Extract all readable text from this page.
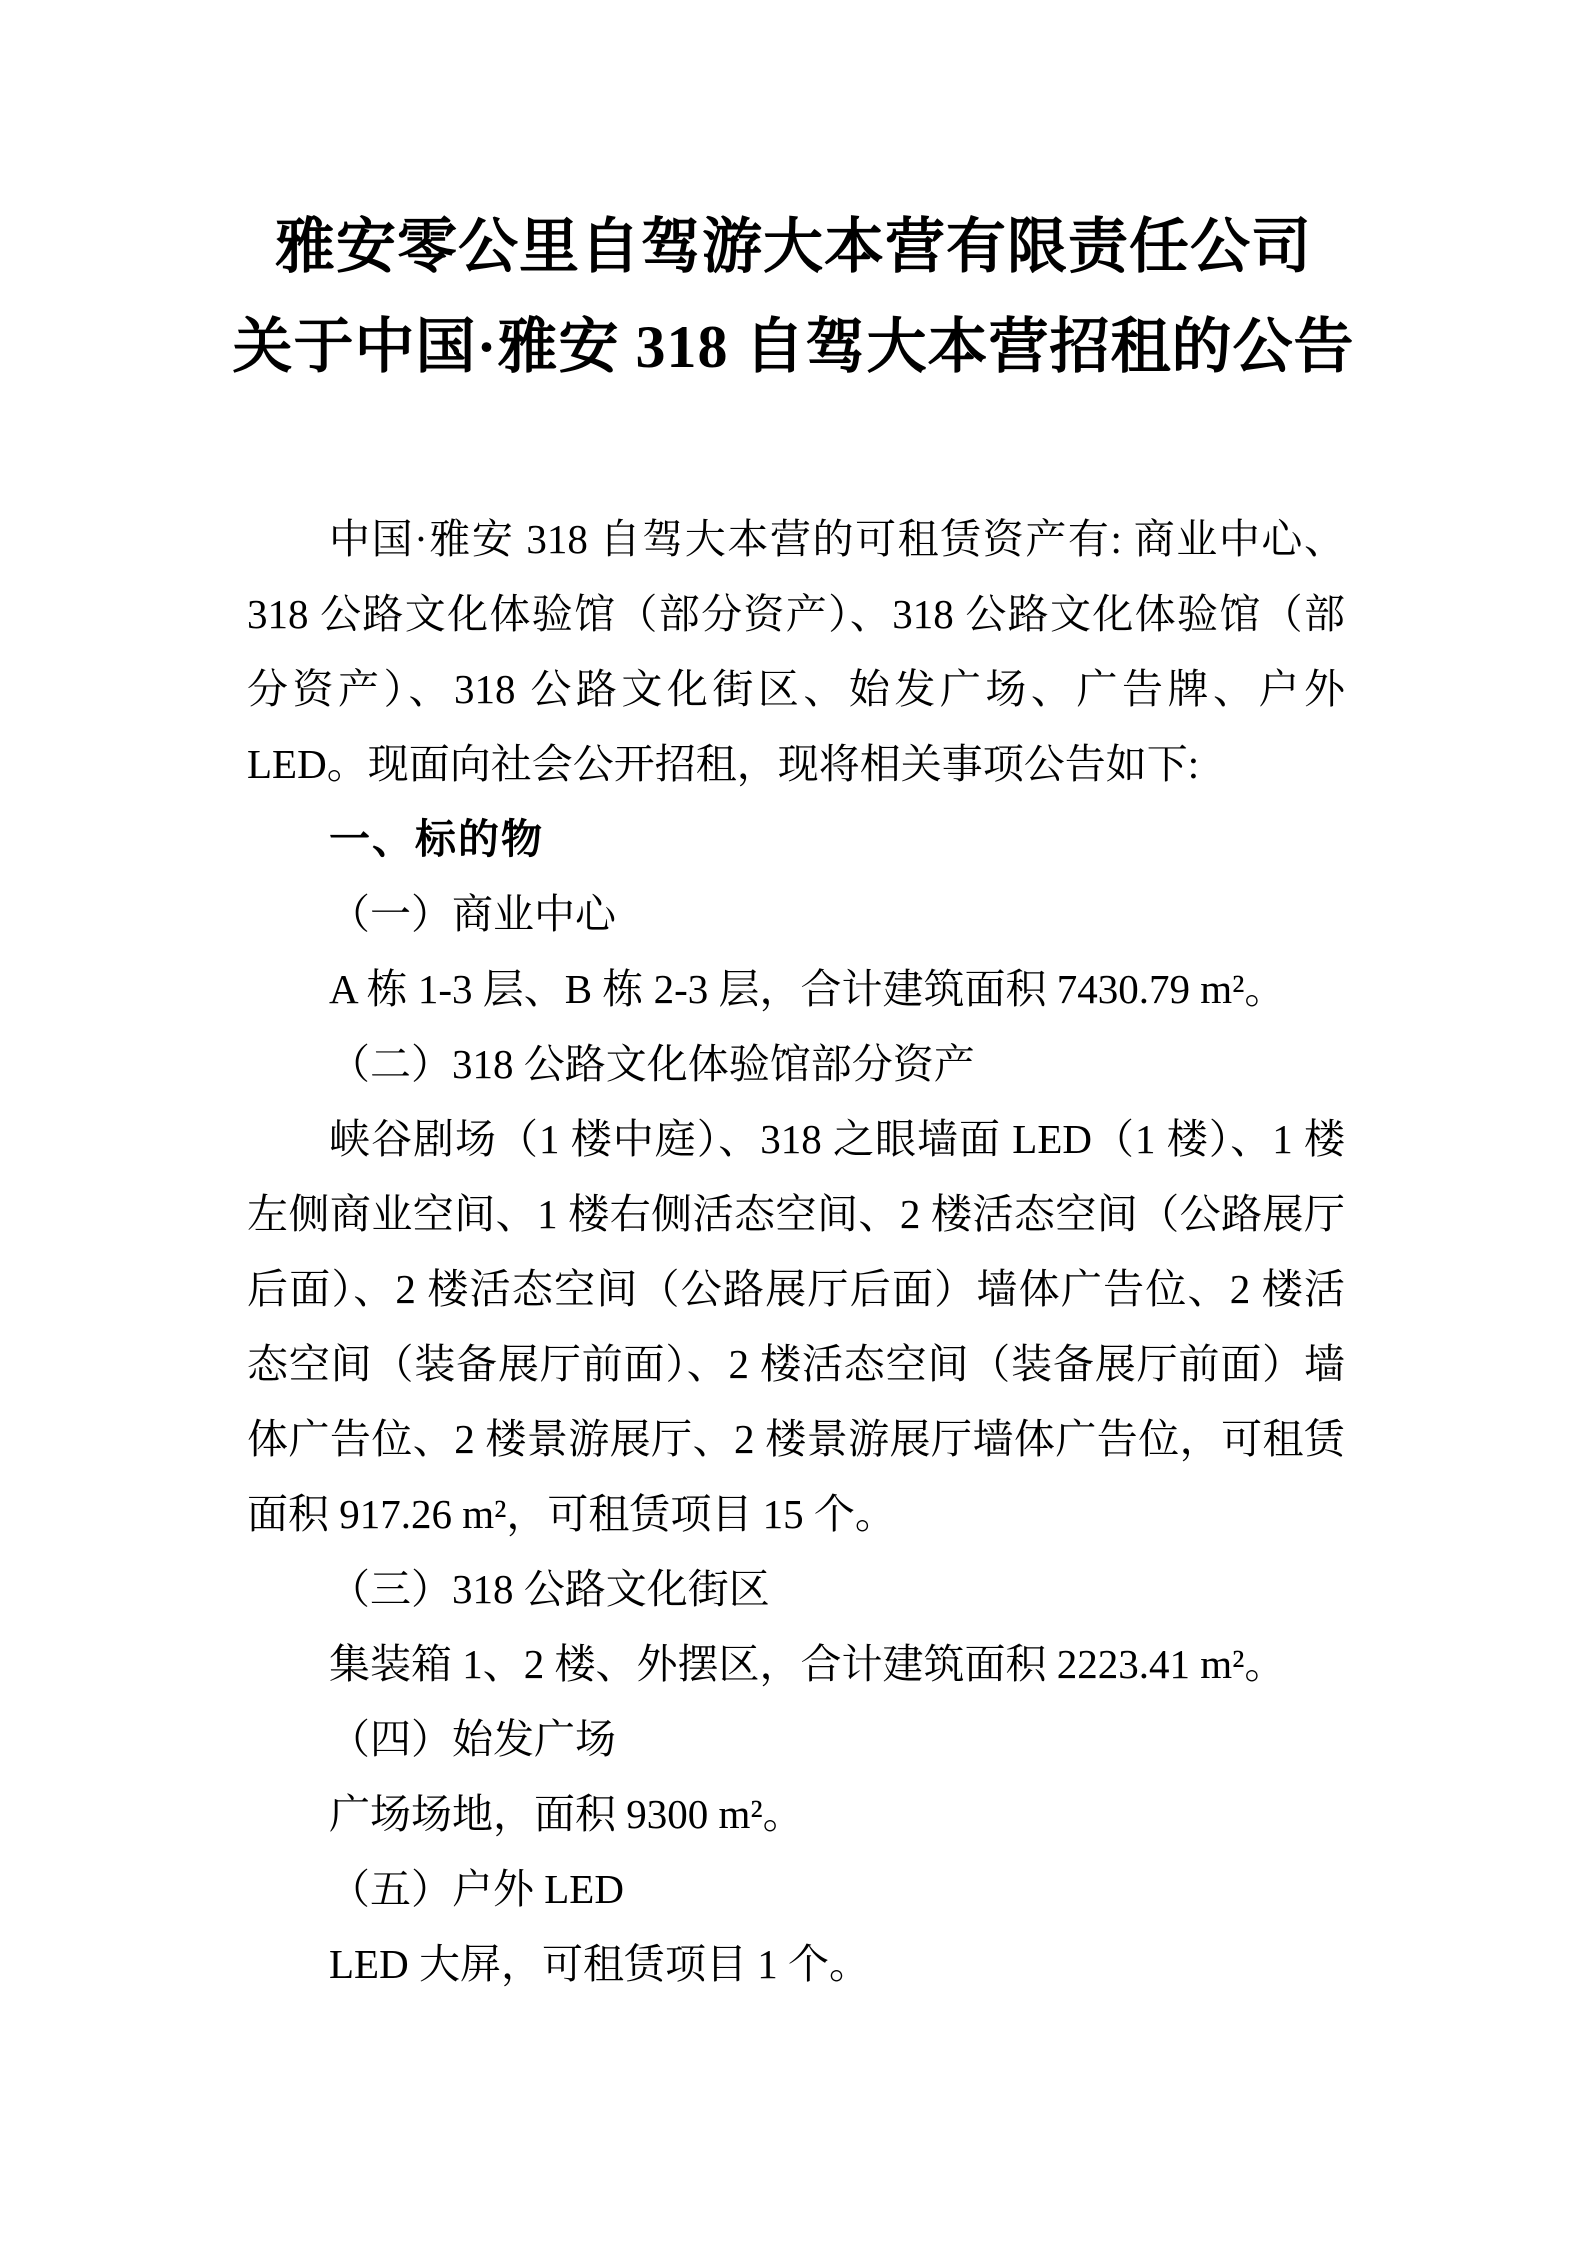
雅安零公里自驾游大本营有限责任公司
关于中国·雅安 318 自驾大本营招租的公告

中国·雅安 318 自驾大本营的可租赁资产有: 商业中心、318 公路文化体验馆（部分资产）、318 公路文化体验馆（部分资产）、318 公路文化街区、始发广场、广告牌、户外 LED。现面向社会公开招租，现将相关事项公告如下:

一、标的物

（一）商业中心

A 栋 1-3 层、B 栋 2-3 层，合计建筑面积 7430.79 m²。

（二）318 公路文化体验馆部分资产

峡谷剧场（1 楼中庭）、318 之眼墙面 LED（1 楼）、1 楼左侧商业空间、1 楼右侧活态空间、2 楼活态空间（公路展厅后面）、2 楼活态空间（公路展厅后面）墙体广告位、2 楼活态空间（装备展厅前面）、2 楼活态空间（装备展厅前面）墙体广告位、2 楼景游展厅、2 楼景游展厅墙体广告位，可租赁面积 917.26 m²，可租赁项目 15 个。

（三）318 公路文化街区

集装箱 1、2 楼、外摆区，合计建筑面积 2223.41 m²。

（四）始发广场

广场场地，面积 9300 m²。

（五）户外 LED

LED 大屏，可租赁项目 1 个。
